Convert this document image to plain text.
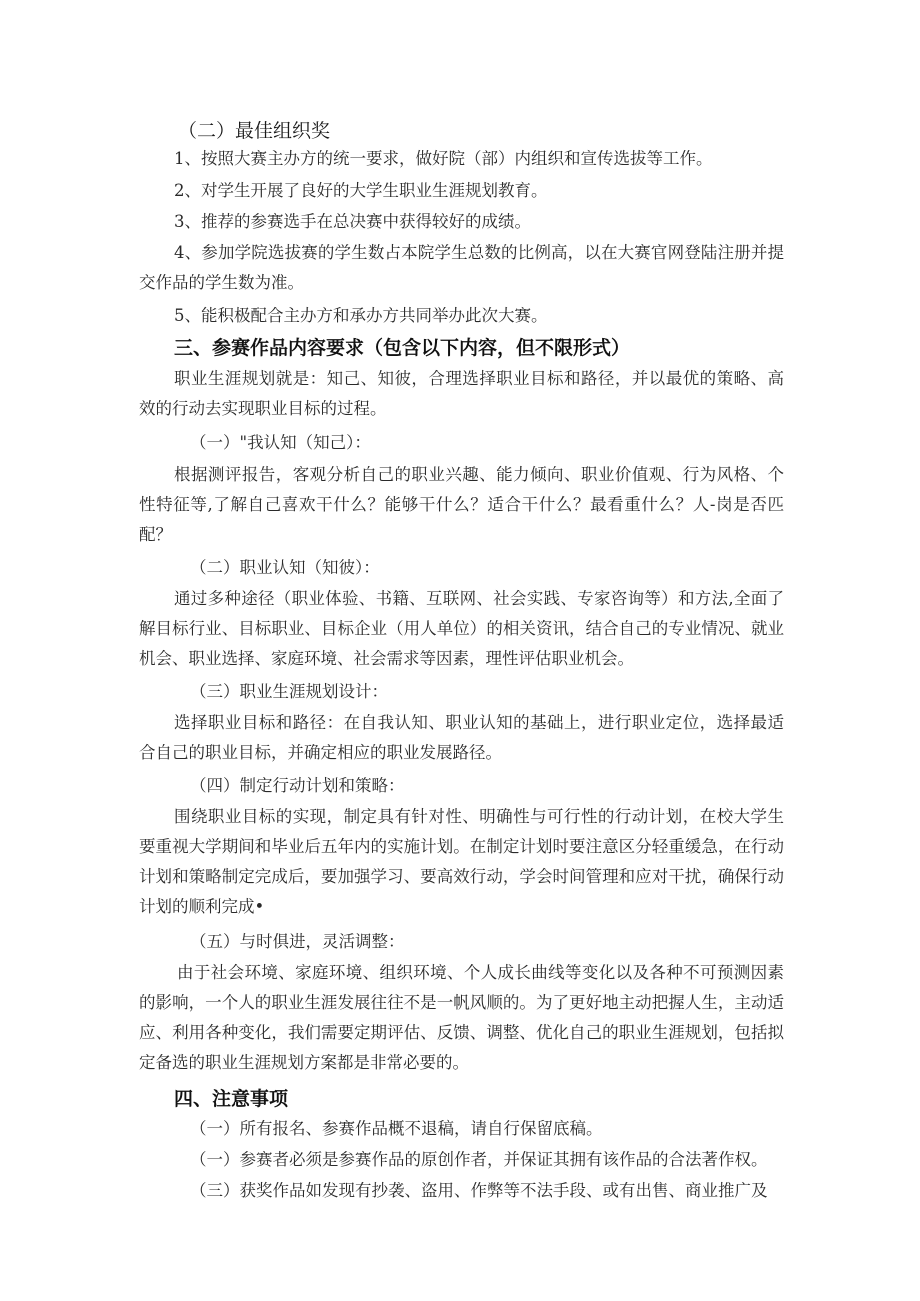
（二）最佳组织奖
1、按照大赛主办方的统一要求，做好院（部）内组织和宣传选拔等工作。
2、对学生开展了良好的大学生职业生涯规划教育。
3、推荐的参赛选手在总决赛中获得较好的成绩。
4、参加学院选拔赛的学生数占本院学生总数的比例高，以在大赛官网登陆注册并提交作品的学生数为准。
5、能积极配合主办方和承办方共同举办此次大赛。
三、参赛作品内容要求（包含以下内容，但不限形式）
职业生涯规划就是：知己、知彼，合理选择职业目标和路径，并以最优的策略、高效的行动去实现职业目标的过程。
（一）"我认知（知己）：
根据测评报告，客观分析自己的职业兴趣、能力倾向、职业价值观、行为风格、个性特征等,了解自己喜欢干什么？能够干什么？适合干什么？最看重什么？人-岗是否匹配？
（二）职业认知（知彼）：
通过多种途径（职业体验、书籍、互联网、社会实践、专家咨询等）和方法,全面了解目标行业、目标职业、目标企业（用人单位）的相关资讯，结合自己的专业情况、就业机会、职业选择、家庭环境、社会需求等因素，理性评估职业机会。
（三）职业生涯规划设计：
选择职业目标和路径：在自我认知、职业认知的基础上，进行职业定位，选择最适合自己的职业目标，并确定相应的职业发展路径。
（四）制定行动计划和策略：
围绕职业目标的实现，制定具有针对性、明确性与可行性的行动计划，在校大学生要重视大学期间和毕业后五年内的实施计划。在制定计划时要注意区分轻重缓急，在行动计划和策略制定完成后，要加强学习、要高效行动，学会时间管理和应对干扰，确保行动计划的顺利完成•
（五）与时俱进，灵活调整：
由于社会环境、家庭环境、组织环境、个人成长曲线等变化以及各种不可预测因素的影响，一个人的职业生涯发展往往不是一帆风顺的。为了更好地主动把握人生，主动适应、利用各种变化，我们需要定期评估、反馈、调整、优化自己的职业生涯规划，包括拟定备选的职业生涯规划方案都是非常必要的。
四、注意事项
（一）所有报名、参赛作品概不退稿，请自行保留底稿。
（一）参赛者必须是参赛作品的原创作者，并保证其拥有该作品的合法著作权。
（三）获奖作品如发现有抄袭、盗用、作弊等不法手段、或有出售、商业推广及
